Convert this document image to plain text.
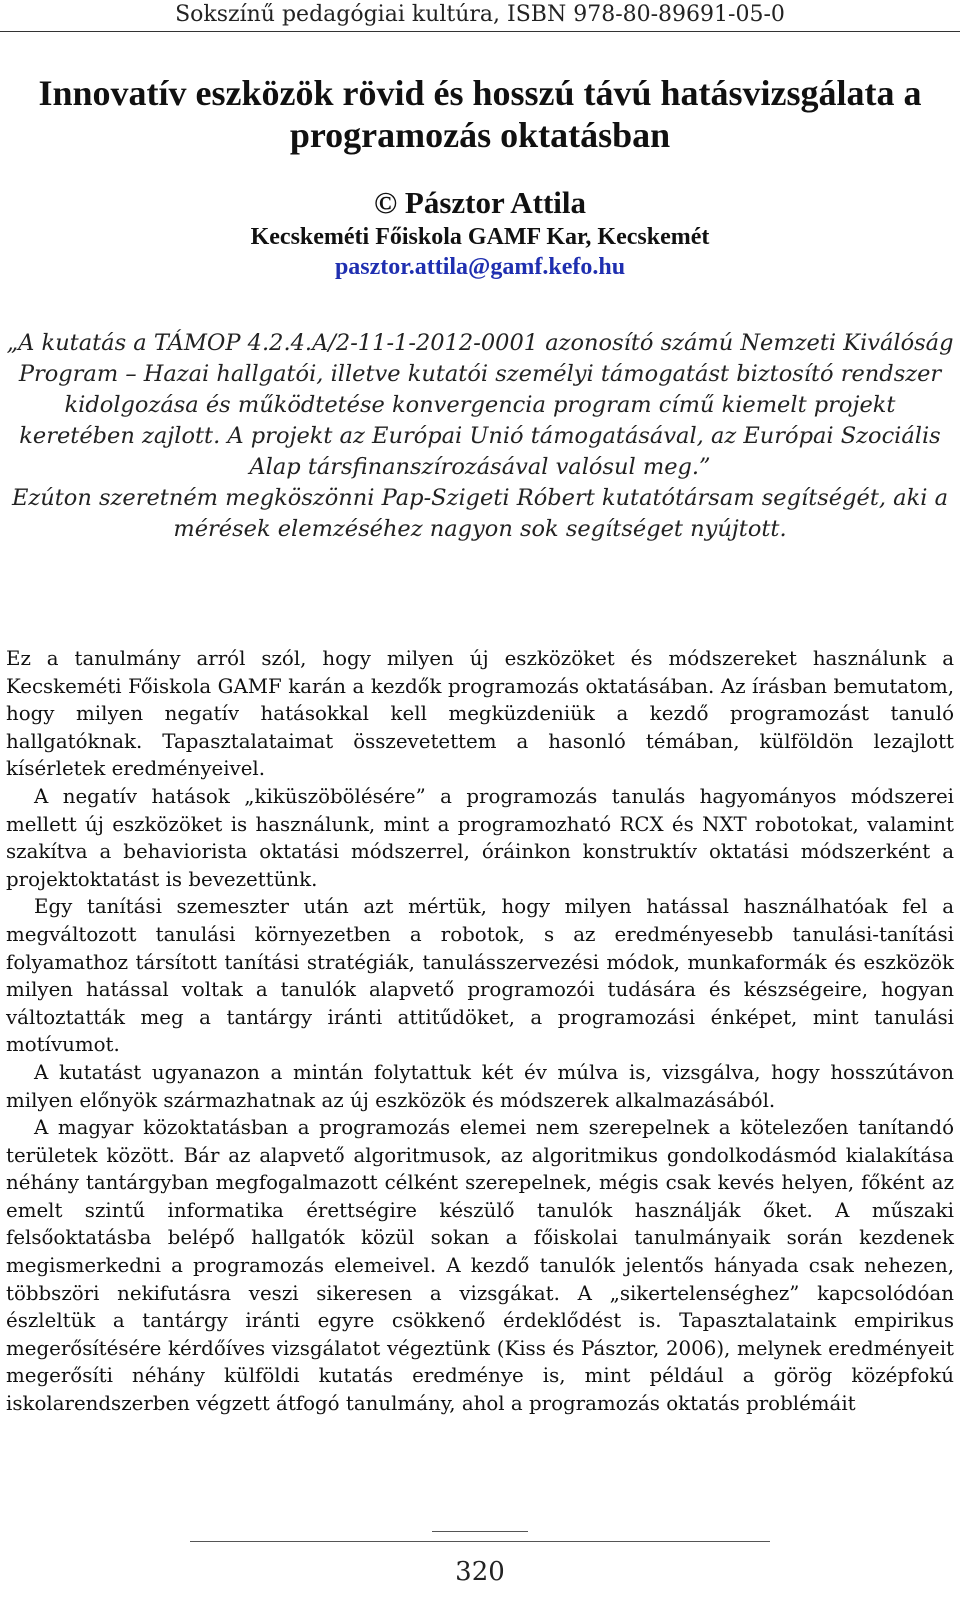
Sokszínű pedagógiai kultúra, ISBN 978-80-89691-05-0
Innovatív eszközök rövid és hosszú távú hatásvizsgálata a programozás oktatásban
© Pásztor Attila
Kecskeméti Főiskola GAMF Kar, Kecskemét
pasztor.attila@gamf.kefo.hu

„A kutatás a TÁMOP 4.2.4.A/2-11-1-2012-0001 azonosító számú Nemzeti Kiválóság Program – Hazai hallgatói, illetve kutatói személyi támogatást biztosító rendszer kidolgozása és működtetése konvergencia program című kiemelt projekt keretében zajlott. A projekt az Európai Unió támogatásával, az Európai Szociális Alap társfinanszírozásával valósul meg.”

Ezúton szeretném megköszönni Pap-Szigeti Róbert kutatótársam segítségét, aki a mérések elemzéséhez nagyon sok segítséget nyújtott.

Ez a tanulmány arról szól, hogy milyen új eszközöket és módszereket használunk a Kecskeméti Főiskola GAMF karán a kezdők programozás oktatásában. Az írásban bemutatom, hogy milyen negatív hatásokkal kell megküzdeniük a kezdő programozást tanuló hallgatóknak. Tapasztalataimat összevetettem a hasonló témában, külföldön lezajlott kísérletek eredményeivel.

A negatív hatások „kiküszöbölésére” a programozás tanulás hagyományos módszerei mellett új eszközöket is használunk, mint a programozható RCX és NXT robotokat, valamint szakítva a behaviorista oktatási módszerrel, óráinkon konstruktív oktatási módszerként a projektoktatást is bevezettünk.

Egy tanítási szemeszter után azt mértük, hogy milyen hatással használhatóak fel a megváltozott tanulási környezetben a robotok, s az eredményesebb tanulási-tanítási folyamathoz társított tanítási stratégiák, tanulásszervezési módok, munkaformák és eszközök milyen hatással voltak a tanulók alapvető programozói tudására és készségeire, hogyan változtatták meg a tantárgy iránti attitűdöket, a programozási énképet, mint tanulási motívumot.

A kutatást ugyanazon a mintán folytattuk két év múlva is, vizsgálva, hogy hosszútávon milyen előnyök származhatnak az új eszközök és módszerek alkalmazásából.

A magyar közoktatásban a programozás elemei nem szerepelnek a kötelezően tanítandó területek között. Bár az alapvető algoritmusok, az algoritmikus gondolkodásmód kialakítása néhány tantárgyban megfogalmazott célként szerepelnek, mégis csak kevés helyen, főként az emelt szintű informatika érettségire készülő tanulók használják őket. A műszaki felsőoktatásba belépő hallgatók közül sokan a főiskolai tanulmányaik során kezdenek megismerkedni a programozás elemeivel. A kezdő tanulók jelentős hányada csak nehezen, többszöri nekifutásra veszi sikeresen a vizsgákat. A „sikertelenséghez” kapcsolódóan észleltük a tantárgy iránti egyre csökkenő érdeklődést is. Tapasztalataink empirikus megerősítésére kérdőíves vizsgálatot végeztünk (Kiss és Pásztor, 2006), melynek eredményeit megerősíti néhány külföldi kutatás eredménye is, mint például a görög középfokú iskolarendszerben végzett átfogó tanulmány, ahol a programozás oktatás problémáit

320
